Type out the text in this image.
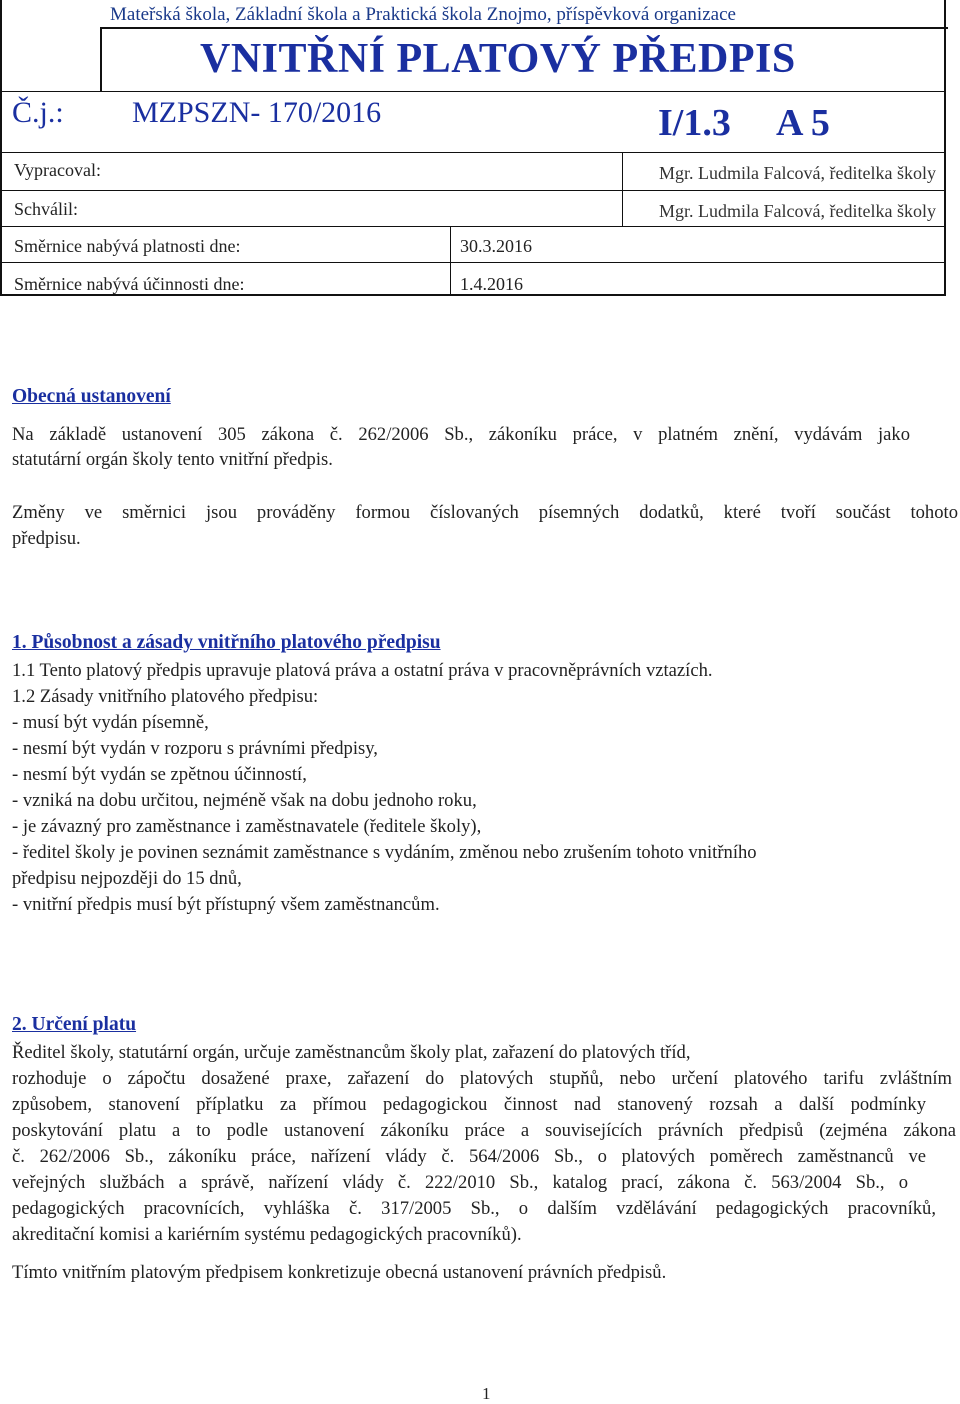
Mateřská škola, Základní škola a Praktická škola Znojmo, příspěvková organizace
VNITŘNÍ PLATOVÝ PŘEDPIS
Č.j.: MZPSZN- 170/2016	I/1.3 A 5
Vypracoval:	Mgr. Ludmila Falcová, ředitelka školy
Schválil:	Mgr. Ludmila Falcová, ředitelka školy
Směrnice nabývá platnosti dne:	30.3.2016
Směrnice nabývá účinnosti dne:	1.4.2016
Obecná ustanovení
Na základě ustanovení 305 zákona č. 262/2006 Sb., zákoníku práce, v platném znění, vydávám jako
statutární orgán školy tento vnitřní předpis.
Změny ve směrnici jsou prováděny formou číslovaných písemných dodatků, které tvoří součást tohoto
předpisu.
1. Působnost a zásady vnitřního platového předpisu
1.1 Tento platový předpis upravuje platová práva a ostatní práva v pracovněprávních vztazích.
1.2 Zásady vnitřního platového předpisu:
- musí být vydán písemně,
- nesmí být vydán v rozporu s právními předpisy,
- nesmí být vydán se zpětnou účinností,
- vzniká na dobu určitou, nejméně však na dobu jednoho roku,
- je závazný pro zaměstnance i zaměstnavatele (ředitele školy),
- ředitel školy je povinen seznámit zaměstnance s vydáním, změnou nebo zrušením tohoto vnitřního
předpisu nejpozději do 15 dnů,
- vnitřní předpis musí být přístupný všem zaměstnancům.
2. Určení platu
Ředitel školy, statutární orgán, určuje zaměstnancům školy plat, zařazení do platových tříd,
rozhoduje o zápočtu dosažené praxe, zařazení do platových stupňů, nebo určení platového tarifu zvláštním
způsobem, stanovení příplatku za přímou pedagogickou činnost nad stanovený rozsah a další podmínky
poskytování platu a to podle ustanovení zákoníku práce a souvisejících právních předpisů (zejména zákona
č. 262/2006 Sb., zákoníku práce, nařízení vlády č. 564/2006 Sb., o platových poměrech zaměstnanců ve
veřejných službách a správě, nařízení vlády č. 222/2010 Sb., katalog prací, zákona č. 563/2004 Sb., o
pedagogických pracovnících, vyhláška č. 317/2005 Sb., o dalším vzdělávání pedagogických pracovníků,
akreditační komisi a kariérním systému pedagogických pracovníků).
Tímto vnitřním platovým předpisem konkretizuje obecná ustanovení právních předpisů.
1
